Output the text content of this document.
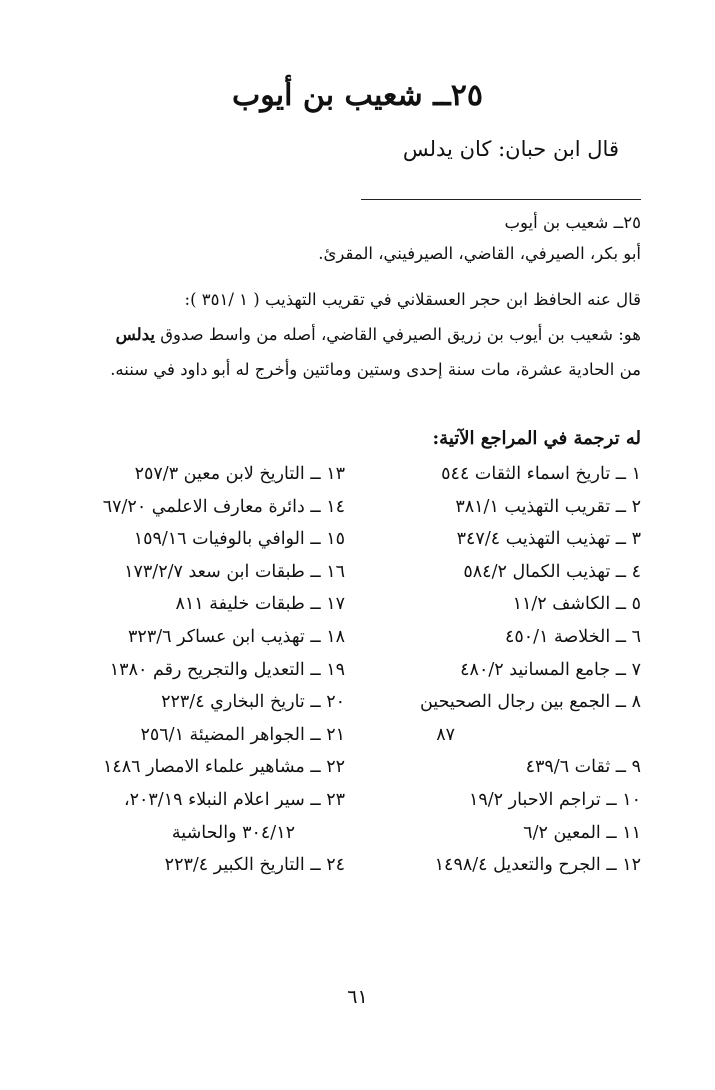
٢٥ــ شعيب بن أيوب
قال ابن حبان: كان يدلس
٢٥ــ شعيب بن أيوب
أبو بكر، الصيرفي، القاضي، الصيرفيني، المقرئ.
قال عنه الحافظ ابن حجر العسقلاني في تقريب التهذيب ( ١ /٣٥١ ):
هو: شعيب بن أيوب بن زريق الصيرفي القاضي، أصله من واسط صدوق يدلس
من الحادية عشرة، مات سنة إحدى وستين ومائتين وأخرج له أبو داود في سننه.
له ترجمة في المراجع الآتية:
١ ــ تاريخ اسماء الثقات ٥٤٤
٢ ــ تقريب التهذيب ٣٨١/١
٣ ــ تهذيب التهذيب ٣٤٧/٤
٤ ــ تهذيب الكمال ٥٨٤/٢
٥ ــ الكاشف ١١/٢
٦ ــ الخلاصة ٤٥٠/١
٧ ــ جامع المسانيد ٤٨٠/٢
٨ ــ الجمع بين رجال الصحيحين
٨٧
٩ ــ ثقات ٤٣٩/٦
١٠ ــ تراجم الاحبار ١٩/٢
١١ ــ المعين ٦/٢
١٢ ــ الجرح والتعديل ١٤٩٨/٤
١٣ ــ التاريخ لابن معين ٢٥٧/٣
١٤ ــ دائرة معارف الاعلمي ٦٧/٢٠
١٥ ــ الوافي بالوفيات ١٥٩/١٦
١٦ ــ طبقات ابن سعد ١٧٣/٢/٧
١٧ ــ طبقات خليفة ٨١١
١٨ ــ تهذيب ابن عساكر ٣٢٣/٦
١٩ ــ التعديل والتجريح رقم ١٣٨٠
٢٠ ــ تاريخ البخاري ٢٢٣/٤
٢١ ــ الجواهر المضيئة ٢٥٦/١
٢٢ ــ مشاهير علماء الامصار ١٤٨٦
٢٣ ــ سير اعلام النبلاء ٢٠٣/١٩،
٣٠٤/١٢ والحاشية
٢٤ ــ التاريخ الكبير ٢٢٣/٤
٦١
